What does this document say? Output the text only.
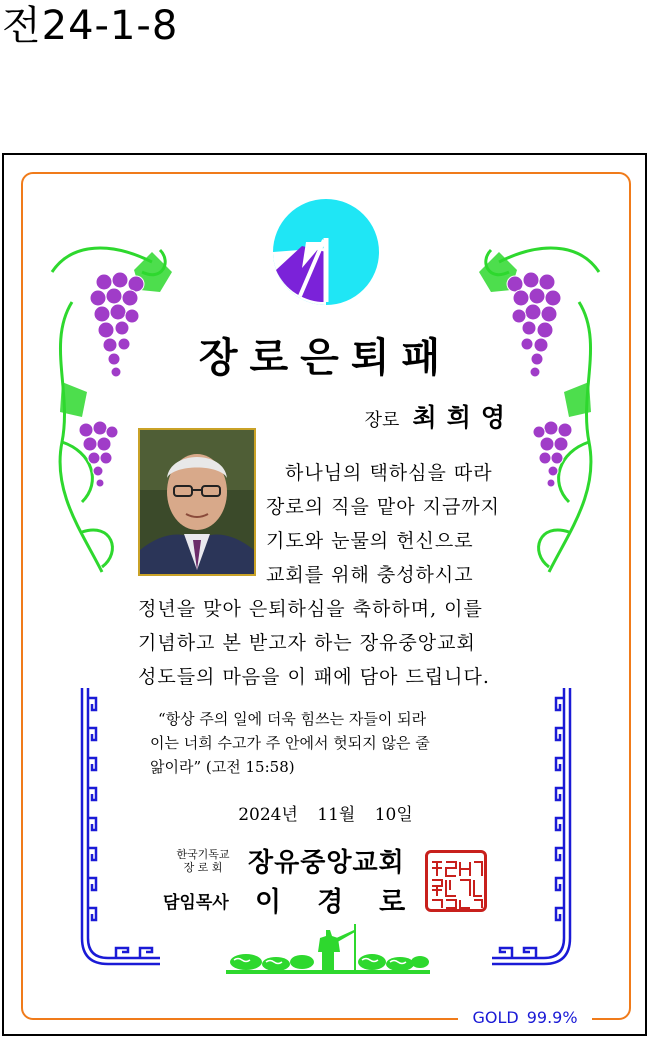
전24-1-8
장로은퇴패
장로 최희영
하나님의 택하심을 따라
장로의 직을 맡아 지금까지
기도와 눈물의 헌신으로
교회를 위해 충성하시고
정년을 맞아 은퇴하심을 축하하며, 이를
기념하고 본 받고자 하는 장유중앙교회
성도들의 마음을 이 패에 담아 드립니다.
“항상 주의 일에 더욱 힘쓰는 자들이 되라
이는 너희 수고가 주 안에서 헛되지 않은 줄
앎이라” (고전 15:58)
2024년 11월 10일
한국기독교
장 로 회 장유중앙교회
담임목사 이경로
GOLD 99.9%
